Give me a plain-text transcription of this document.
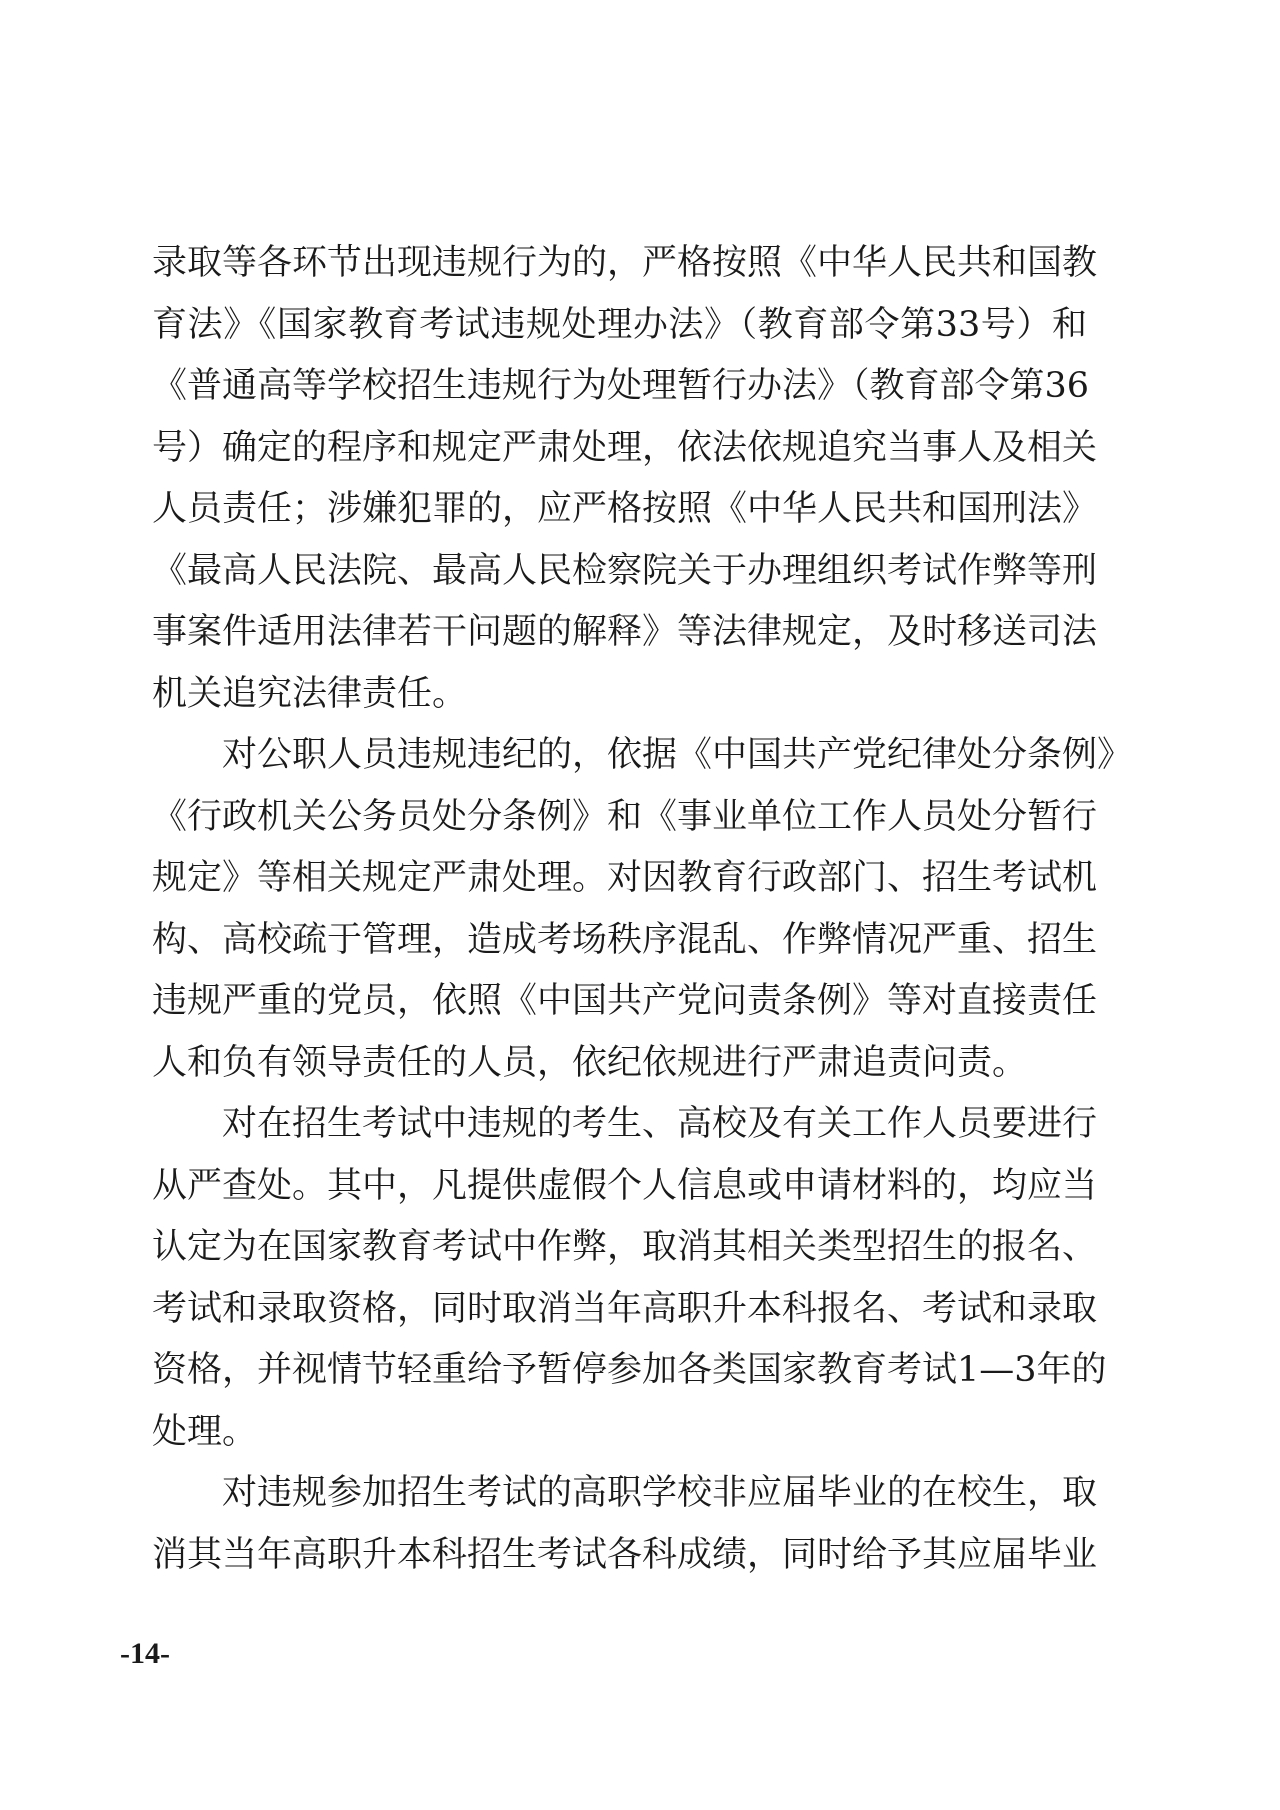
录取等各环节出现违规行为的，严格按照《中华人民共和国教
育法》《国家教育考试违规处理办法》（教育部令第33号）和
《普通高等学校招生违规行为处理暂行办法》（教育部令第36
号）确定的程序和规定严肃处理，依法依规追究当事人及相关
人员责任；涉嫌犯罪的，应严格按照《中华人民共和国刑法》
《最高人民法院、最高人民检察院关于办理组织考试作弊等刑
事案件适用法律若干问题的解释》等法律规定，及时移送司法
机关追究法律责任。
对公职人员违规违纪的，依据《中国共产党纪律处分条例》
《行政机关公务员处分条例》和《事业单位工作人员处分暂行
规定》等相关规定严肃处理。对因教育行政部门、招生考试机
构、高校疏于管理，造成考场秩序混乱、作弊情况严重、招生
违规严重的党员，依照《中国共产党问责条例》等对直接责任
人和负有领导责任的人员，依纪依规进行严肃追责问责。
对在招生考试中违规的考生、高校及有关工作人员要进行
从严查处。其中，凡提供虚假个人信息或申请材料的，均应当
认定为在国家教育考试中作弊，取消其相关类型招生的报名、
考试和录取资格，同时取消当年高职升本科报名、考试和录取
资格，并视情节轻重给予暂停参加各类国家教育考试1—3年的
处理。
对违规参加招生考试的高职学校非应届毕业的在校生，取
消其当年高职升本科招生考试各科成绩，同时给予其应届毕业
-14-
